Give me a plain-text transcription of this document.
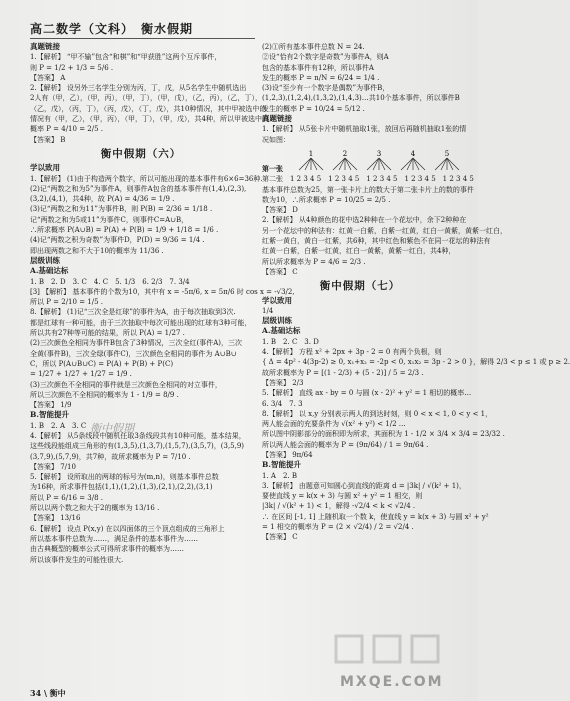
高二数学（文科）　衡水假期
真题链接
1.【解析】 “甲不输”包含“和棋”和“甲获胜”这两个互斥事件，
则 P = 1/2 + 1/3 = 5/6 .
【答案】 A
2.【解析】 设另外三名学生分别为丙，丁，戊，从5名学生中随机选出
2人有（甲，乙），（甲，丙），（甲，丁），（甲，戊），（乙，丙），（乙，丁），
（乙，戊），（丙，丁），（丙，戊），（丁，戊），共10种情况，其中甲被选中的
情况有（甲，乙），（甲，丙），（甲，丁），（甲，戊），共4种，所以甲被选中的
概率 P = 4/10 = 2/5 .
【答案】 B
衡中假期（六）
学以致用
1.【解析】 (1)由于构造两个数字，所以可能出现的基本事件有6×6=36种.
(2)记“两数之和为5”为事件A，则事件A包含的基本事件有(1,4),(2,3),
(3,2),(4,1)，共4种，故 P(A) = 4/36 = 1/9 .
(3)记“两数之和为11”为事件B，则 P(B) = 2/36 = 1/18 .
记“两数之和为5或11”为事件C，则事件C=A∪B，
∴所求概率 P(A∪B) = P(A) + P(B) = 1/9 + 1/18 = 1/6 .
(4)记“两数之积为奇数”为事件D，P(D) = 9/36 = 1/4 .
即出现两数之和不大于10的概率为 11/36 .
层级训练
A.基础达标
1. B　2. D　3. C　4. C　5. 1/3　6. 2/3　7. 3/4
[3] 【解析】 基本事件的个数为10，其中有 x = -5π/6, x = 5π/6 时 cos x = -√3/2,
所以 P = 2/10 = 1/5 .
8.【解析】 (1)记“三次全是红球”的事件为A，由于每次抽取到3次.
都是红球有一种可能，由于三次抽取中每次可能出现的红球有3种可能，
所以共有27种等可能的结果，所以 P(A) = 1/27 .
(2)三次颜色全相同为事件B包含了3种情况，三次全红(事件A)，三次
全黄(事件B)，三次全绿(事件C)，三次颜色全相同的事件为 A∪B∪
C，所以 P(A∪B∪C) = P(A) + P(B) + P(C)
= 1/27 + 1/27 + 1/27 = 1/9 .
(3)三次颜色不全相同的事件就是三次颜色全相同的对立事件，
所以三次颜色不全相同的概率为 1 - 1/9 = 8/9 .
【答案】 1/9
B.智能提升
1. B　2. A　3. C
4.【解析】 从5条线段中随机任取3条线段共有10种可能，基本结果，
这些线段能组成三角形的有(1,3,5),(1,3,7),(1,5,7),(3,5,7)，(3,5,9)
(3,7,9),(5,7,9)，共7种，故所求概率为 P = 7/10 .
【答案】 7/10
5.【解析】 设所取出的两球的标号为(m,n)，则基本事件总数
为16种，所求事件包括(1,1),(1,2),(1,3),(2,1),(2,2),(3,1)
所以 P = 6/16 = 3/8 .
所以以两个数之和大于2的概率为 13/16 .
【答案】 13/16
6.【解析】 设点 P(x,y) 在以四面体的三个顶点组成的三角形上
所以基本事件总数为……，满足条件的基本事件为……
由古典概型的概率公式可得所求事件的概率为……
所以该事件发生的可能性很大.
(2)①所有基本事件总数 N = 24.
②设“恰有2个数字是奇数”为事件A，则A
包含的基本事件有12种，所以事件A
发生的概率 P = n/N = 6/24 = 1/4 .
(3)设“至少有一个数字是偶数”为事件B，
(1,2,3),(1,2,4),(1,3,2),(1,4,3)…共10个基本事件，所以事件B
发生的概率 P = 10/24 = 5/12 .
真题链接
1.【解析】 从5张卡片中随机抽取1张，放回后再随机抽取1张的情
况如图：
第一张
1	2	3	4	5
第二张　1 2 3 4 5　1 2 3 4 5　1 2 3 4 5　1 2 3 4 5　1 2 3 4 5
基本事件总数为25，第一张卡片上的数大于第二张卡片上的数的事件
数为10，∴所求概率 P = 10/25 = 2/5 .
【答案】 D
2.【解析】 从4种颜色的花中选2种种在一个花坛中，余下2种种在
另一个花坛中的种法有：红黄一白紫，白紫一红黄，红白一黄紫，黄紫一红白，
红紫一黄白，黄白一红紫，共6种，其中红色和紫色不在同一花坛的种法有
红黄一白紫，白紫一红黄，红白一黄紫，黄紫一红白，共4种，
所以所求概率为 P = 4/6 = 2/3 .
【答案】 C
衡中假期（七）
学以致用
1/4
层级训练
A.基础达标
1. B　2. C　3. D
4.【解析】 方程 x² + 2px + 3p - 2 = 0 有两个负根，则
{ Δ = 4p² - 4(3p-2) ≥ 0, x₁+x₂ = -2p < 0, x₁x₂ = 3p - 2 > 0 }，解得 2/3 < p ≤ 1 或 p ≥ 2.
故所求概率为 P = [(1 - 2/3) + (5 - 2)] / 5 = 2/3 .
【答案】 2/3
5.【解析】 直线 ax - by = 0 与圆 (x - 2)² + y² = 1 相切的概率…
6. 3/4　7. 3
8.【解析】 以 x,y 分别表示两人的到达时刻，则 0 < x < 1, 0 < y < 1，
两人能会面的充要条件为 √(x² + y²) < 1/2 …
所以图中阴影部分的面积即为所求，其面积为 1 - 1/2 × 3/4 × 3/4 = 23/32 .
所以两人能会面的概率为 P = (9π/64) / 1 = 9π/64 .
【答案】 9π/64
B.智能提升
1. A　2. B
3.【解析】 由题意可知圆心到直线的距离 d = |3k| / √(k² + 1)，
要使直线 y = k(x + 3) 与圆 x² + y² = 1 相交，则
|3k| / √(k² + 1) < 1，解得 -√2/4 < k < √2/4 .
∴ 在区间 [-1, 1] 上随机取一个数 k，使直线 y = k(x + 3) 与圆 x² + y²
= 1 相交的概率为 P = (2 × √2/4) / 2 = √2/4 .
【答案】 C
衡中假期
34 \ 衡中
MXQE.COM
